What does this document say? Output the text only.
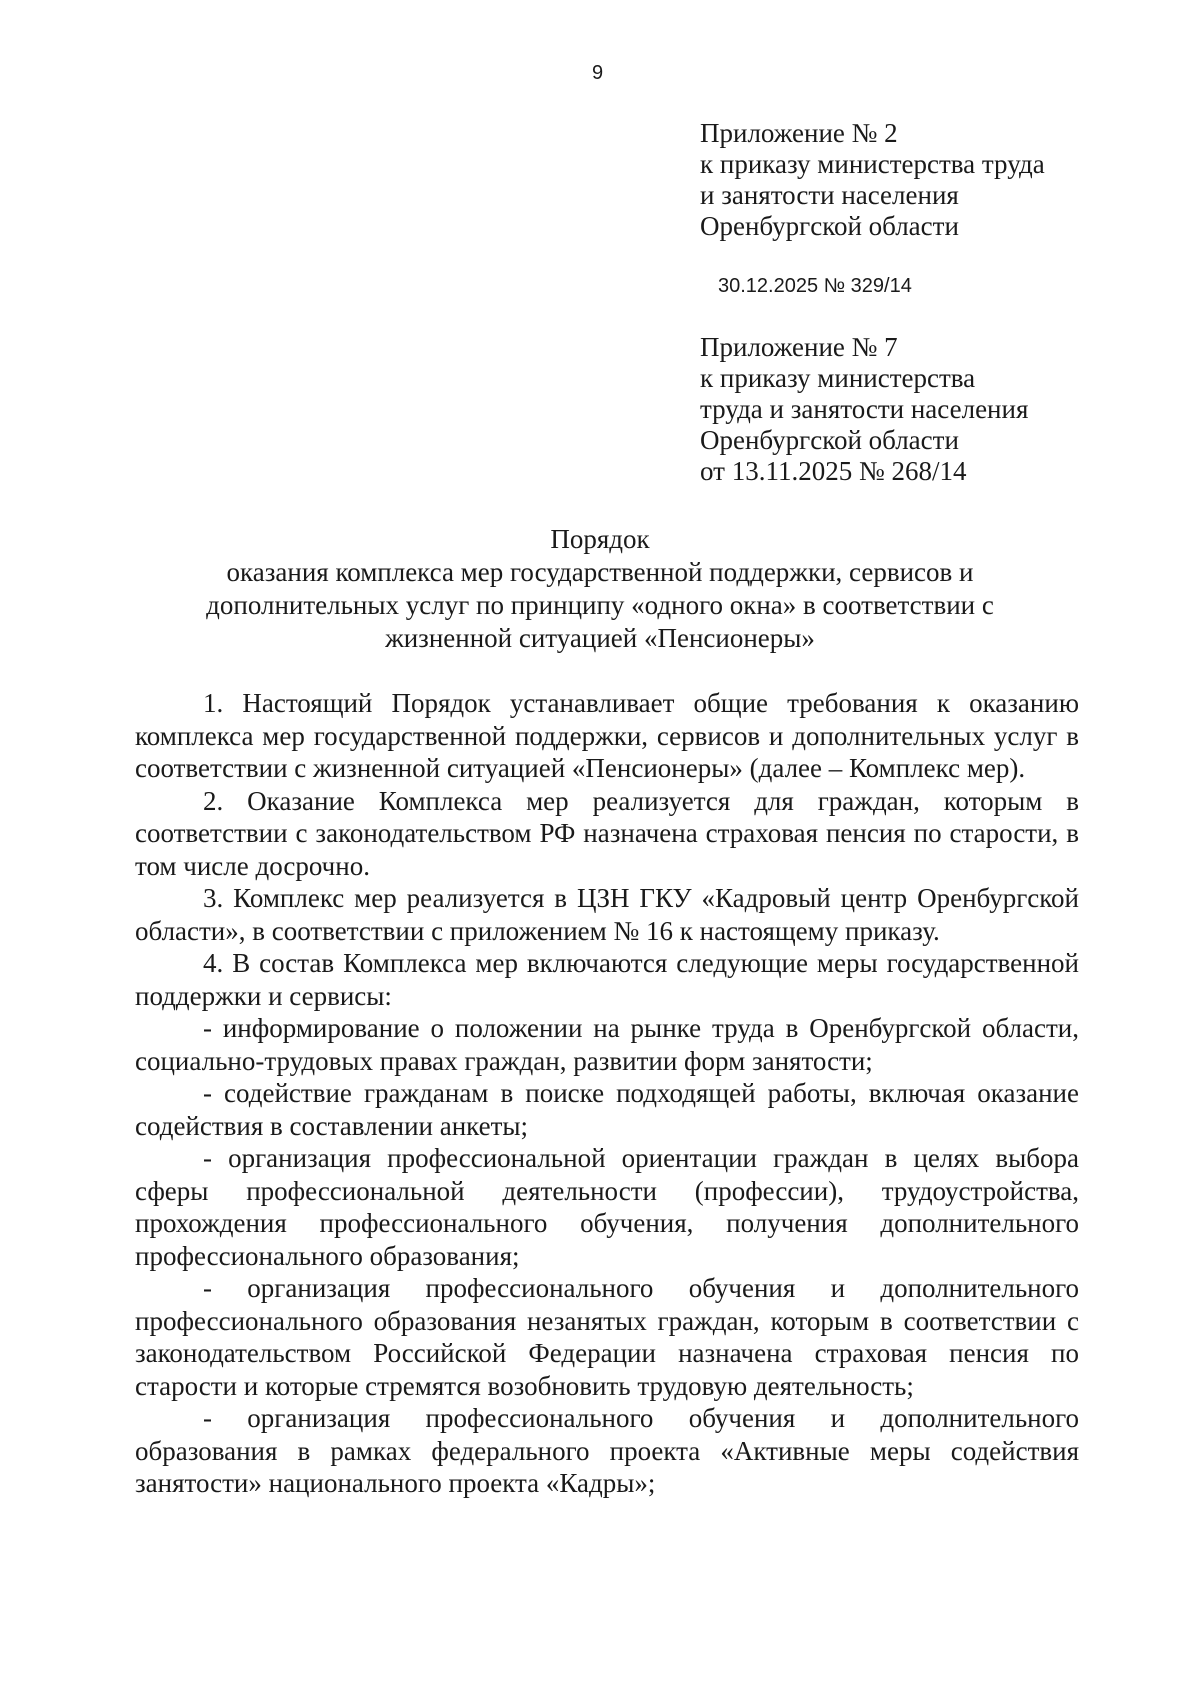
9
Приложение № 2
к приказу министерства труда
и занятости населения
Оренбургской области
30.12.2025 № 329/14
Приложение № 7
к приказу министерства
труда и занятости населения
Оренбургской области
от 13.11.2025 № 268/14
Порядок
оказания комплекса мер государственной поддержки, сервисов и
дополнительных услуг по принципу «одного окна» в соответствии с
жизненной ситуацией «Пенсионеры»

1. Настоящий Порядок устанавливает общие требования к оказанию комплекса мер государственной поддержки, сервисов и дополнительных услуг в соответствии с жизненной ситуацией «Пенсионеры» (далее – Комплекс мер).

2. Оказание Комплекса мер реализуется для граждан, которым в соответствии с законодательством РФ назначена страховая пенсия по старости, в том числе досрочно.

3. Комплекс мер реализуется в ЦЗН ГКУ «Кадровый центр Оренбургской области», в соответствии с приложением № 16 к настоящему приказу.

4. В состав Комплекса мер включаются следующие меры государственной поддержки и сервисы:

- информирование о положении на рынке труда в Оренбургской области, социально-трудовых правах граждан, развитии форм занятости;

- содействие гражданам в поиске подходящей работы, включая оказание содействия в составлении анкеты;

- организация профессиональной ориентации граждан в целях выбора сферы профессиональной деятельности (профессии), трудоустройства, прохождения профессионального обучения, получения дополнительного профессионального образования;

- организация профессионального обучения и дополнительного профессионального образования незанятых граждан, которым в соответствии с законодательством Российской Федерации назначена страховая пенсия по старости и которые стремятся возобновить трудовую деятельность;

- организация профессионального обучения и дополнительного образования в рамках федерального проекта «Активные меры содействия занятости» национального проекта «Кадры»;
